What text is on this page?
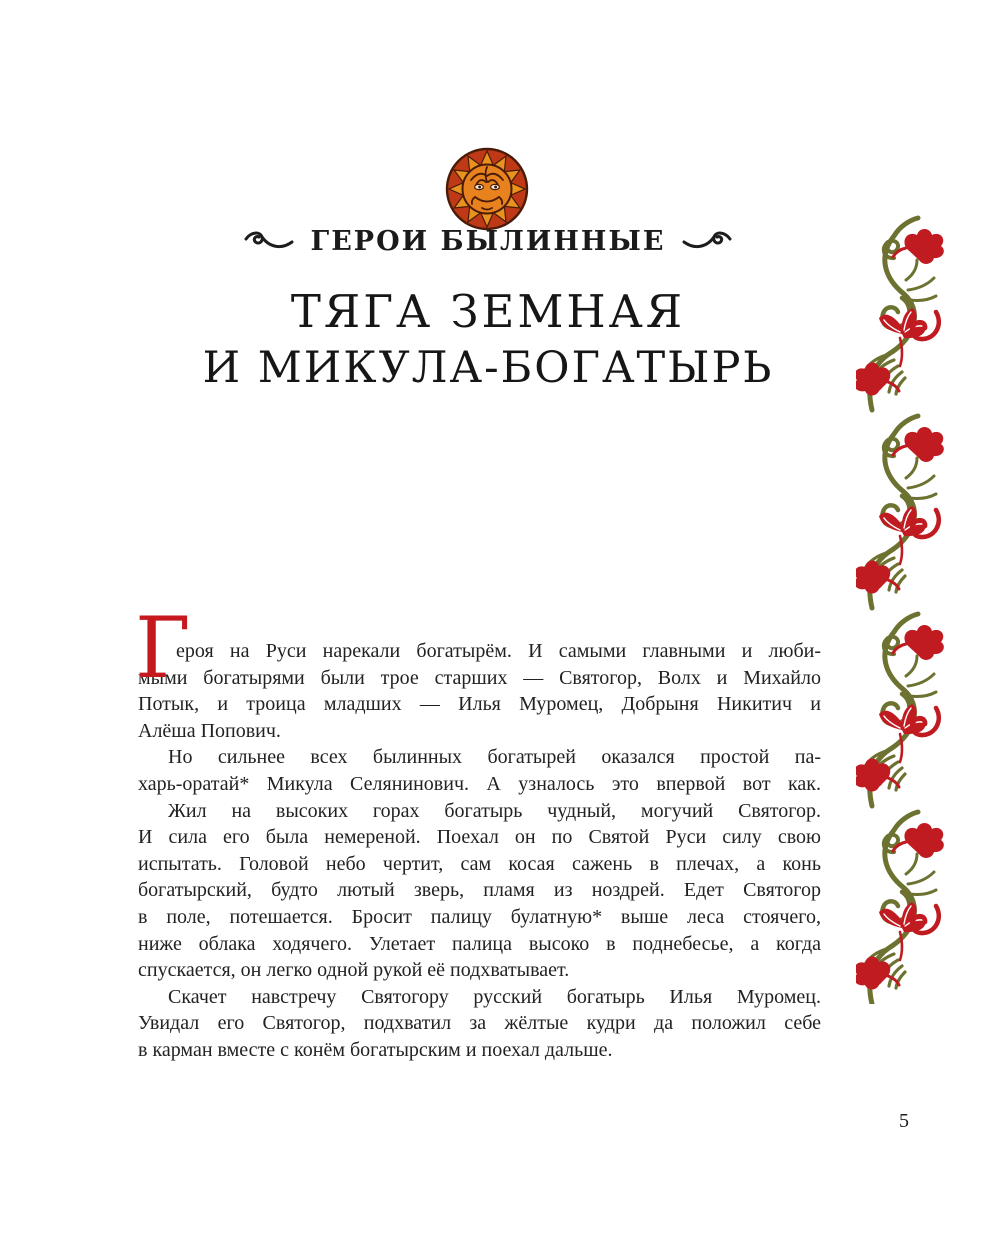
ГЕРОИ БЫЛИННЫЕ
ТЯГА ЗЕМНАЯ
И МИКУЛА-БОГАТЫРЬ
Г
ероя на Руси нарекали богатырём. И самыми главными и люби-
мыми богатырями были трое старших — Святогор, Волх и Михайло
Потык, и троица младших — Илья Муромец, Добрыня Никитич и
Алёша Попович.
Но сильнее всех былинных богатырей оказался простой па-
харь-оратай* Микула Селянинович. А узналось это впервой вот как.
Жил на высоких горах богатырь чудный, могучий Святогор.
И сила его была немереной. Поехал он по Святой Руси силу свою
испытать. Головой небо чертит, сам косая сажень в плечах, а конь
богатырский, будто лютый зверь, пламя из ноздрей. Едет Святогор
в поле, потешается. Бросит палицу булатную* выше леса стоячего,
ниже облака ходячего. Улетает палица высоко в поднебесье, а когда
спускается, он легко одной рукой её подхватывает.
Скачет навстречу Святогору русский богатырь Илья Муромец.
Увидал его Святогор, подхватил за жёлтые кудри да положил себе
в карман вместе с конём богатырским и поехал дальше.
5
